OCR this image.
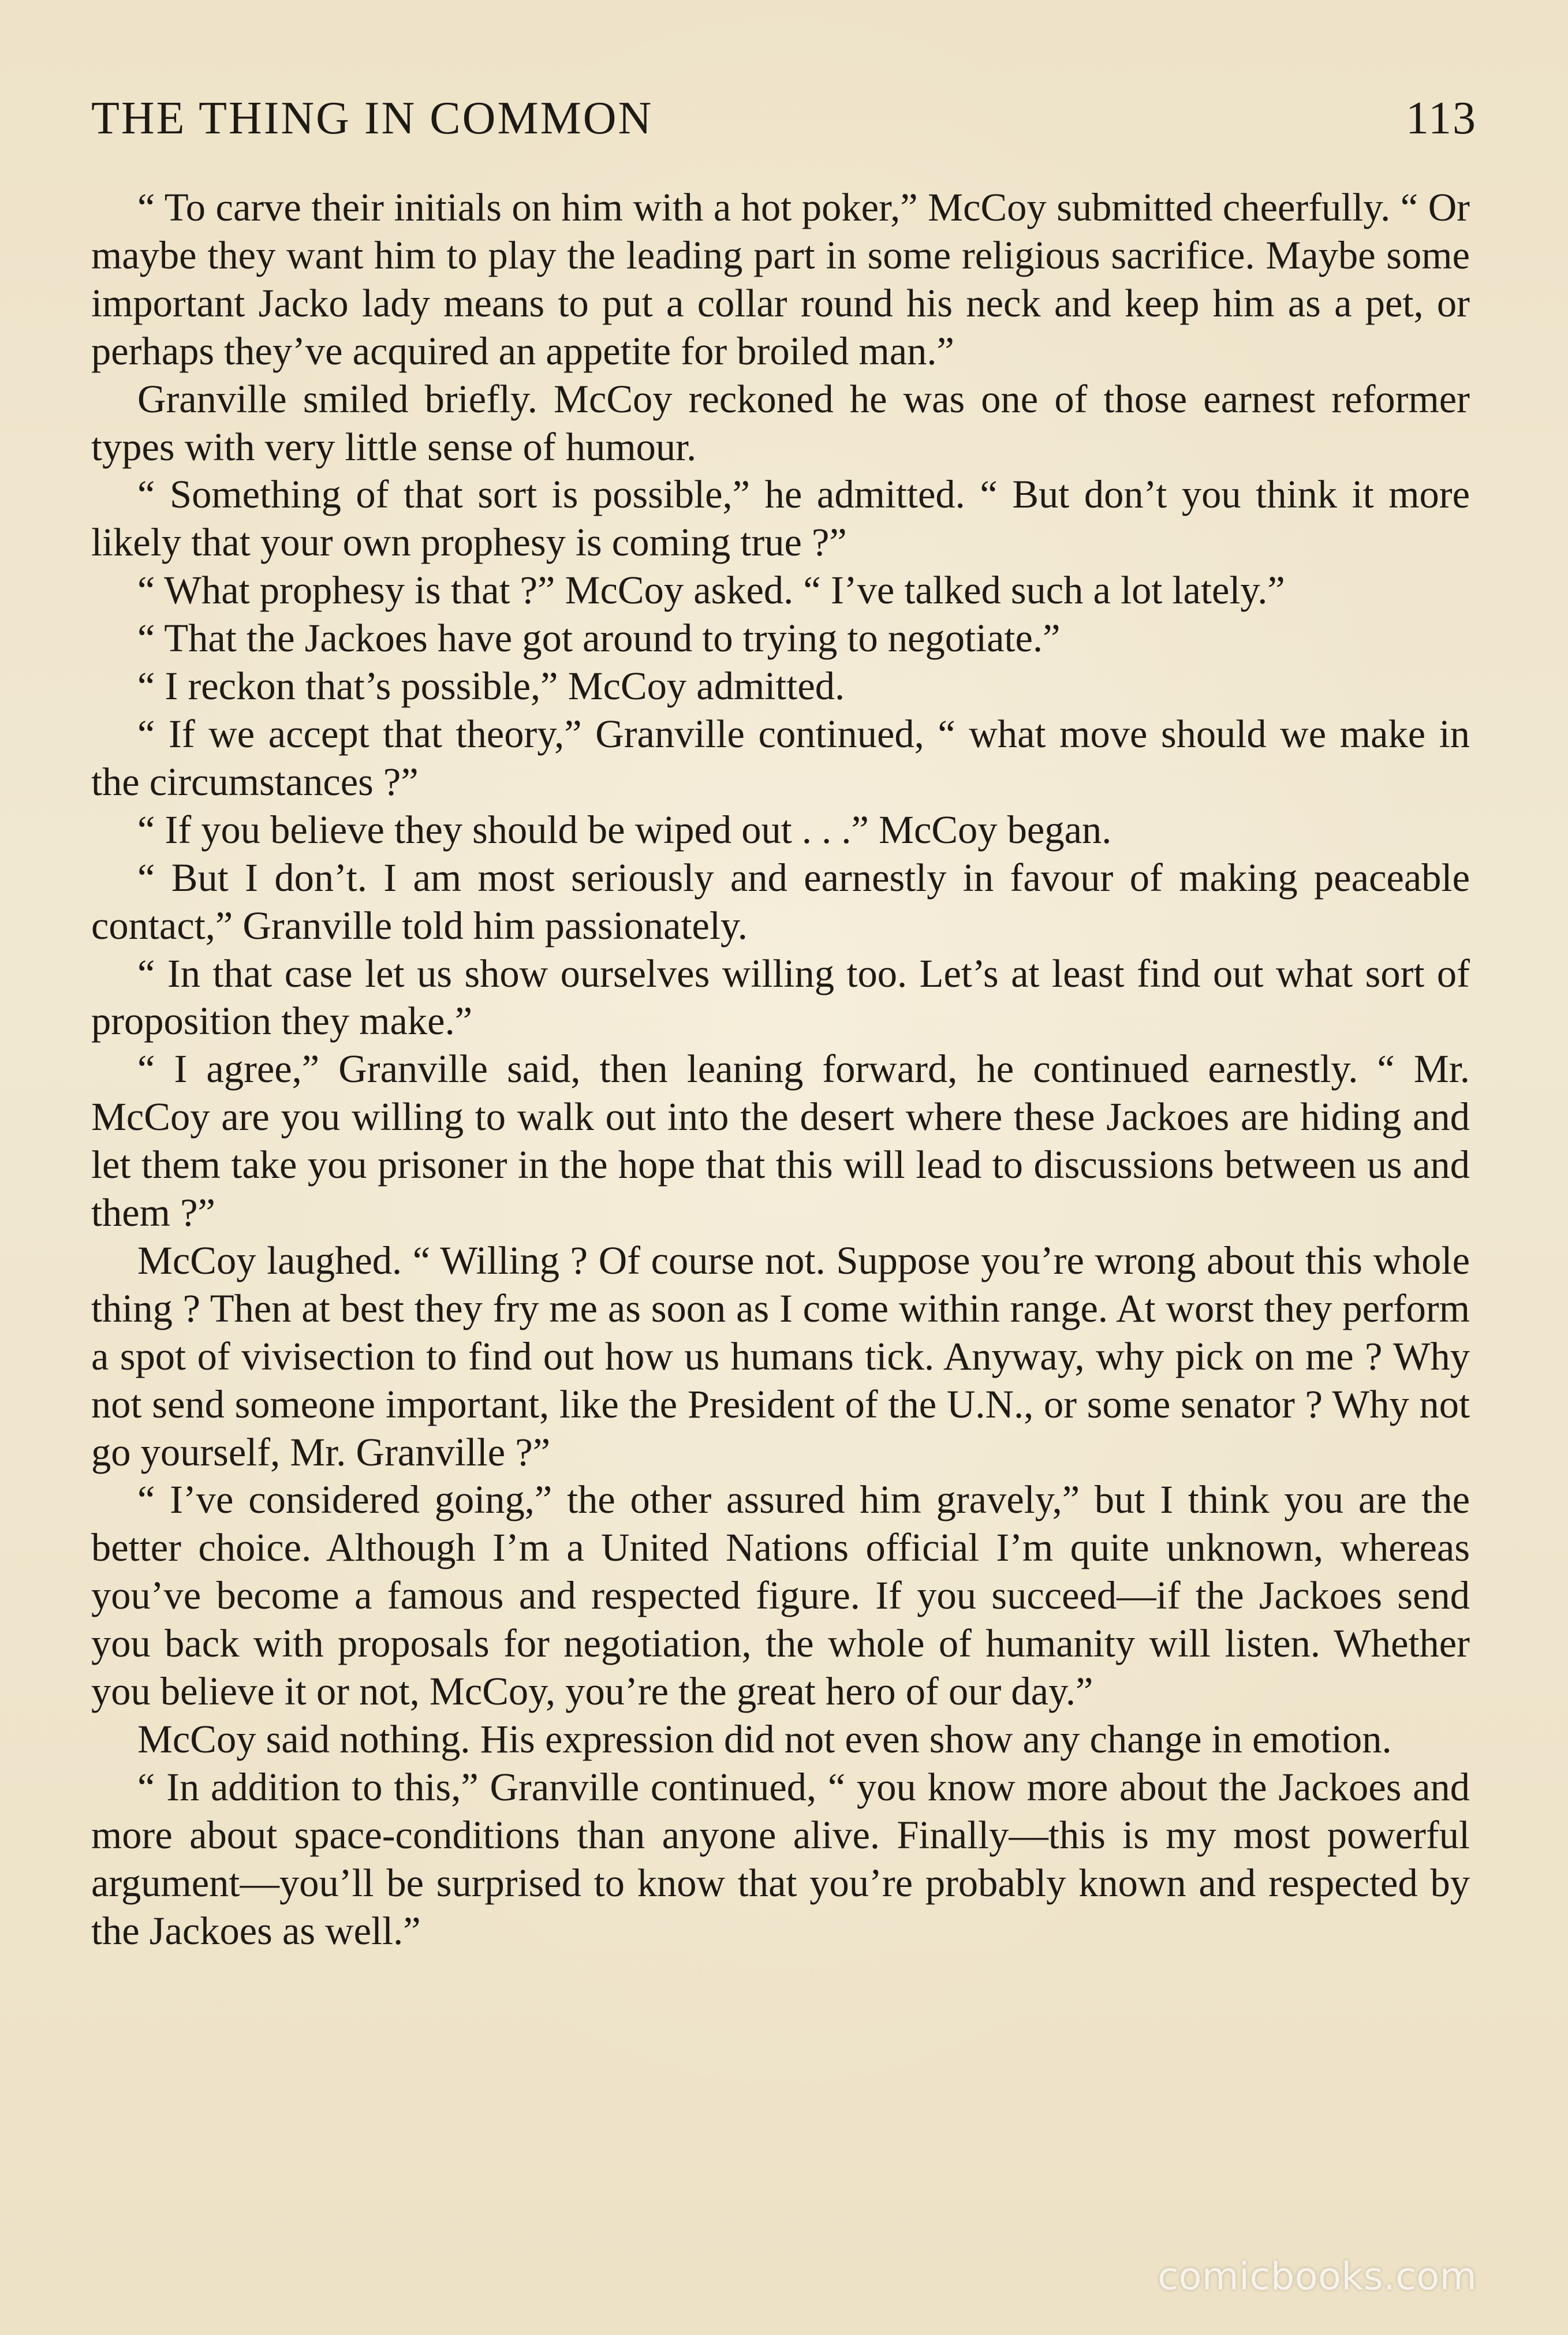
THE THING IN COMMON	113

“ To carve their initials on him with a hot poker,” McCoy submitted cheerfully. “ Or maybe they want him to play the leading part in some religious sacrifice. Maybe some important Jacko lady means to put a collar round his neck and keep him as a pet, or perhaps they’ve acquired an appetite for broiled man.”

Granville smiled briefly. McCoy reckoned he was one of those earnest reformer types with very little sense of humour.

“ Something of that sort is possible,” he admitted. “ But don’t you think it more likely that your own prophesy is coming true ?”

“ What prophesy is that ?” McCoy asked. “ I’ve talked such a lot lately.”

“ That the Jackoes have got around to trying to negotiate.”

“ I reckon that’s possible,” McCoy admitted.

“ If we accept that theory,” Granville continued, “ what move should we make in the circumstances ?”

“ If you believe they should be wiped out . . .” McCoy began.

“ But I don’t. I am most seriously and earnestly in favour of making peaceable contact,” Granville told him passionately.

“ In that case let us show ourselves willing too. Let’s at least find out what sort of proposition they make.”

“ I agree,” Granville said, then leaning forward, he continued earnestly. “ Mr. McCoy are you willing to walk out into the desert where these Jackoes are hiding and let them take you prisoner in the hope that this will lead to discussions between us and them ?”

McCoy laughed. “ Willing ? Of course not. Suppose you’re wrong about this whole thing ? Then at best they fry me as soon as I come within range. At worst they perform a spot of vivisection to find out how us humans tick. Anyway, why pick on me ? Why not send someone important, like the President of the U.N., or some senator ? Why not go yourself, Mr. Granville ?”

“ I’ve considered going,” the other assured him gravely,” but I think you are the better choice. Although I’m a United Nations official I’m quite unknown, whereas you’ve become a famous and respected figure. If you succeed—if the Jackoes send you back with proposals for negotiation, the whole of humanity will listen. Whether you believe it or not, McCoy, you’re the great hero of our day.”

McCoy said nothing. His expression did not even show any change in emotion.

“ In addition to this,” Granville continued, “ you know more about the Jackoes and more about space-conditions than anyone alive. Finally—this is my most powerful argument—you’ll be surprised to know that you’re probably known and respected by the Jackoes as well.”

comicbooks.com
